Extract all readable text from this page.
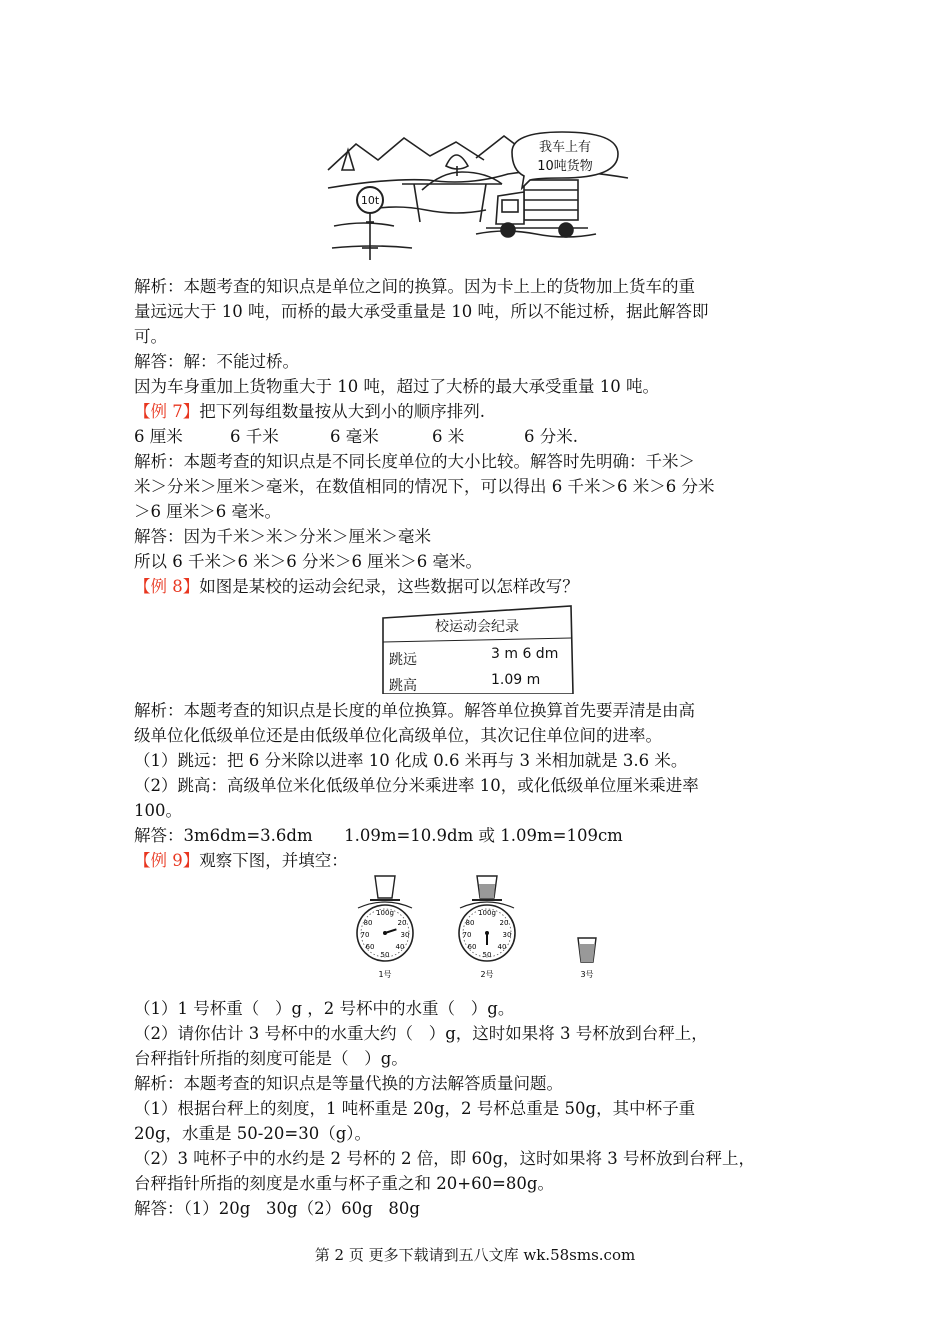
10t
我车上有
10吨货物
解析：本题考查的知识点是单位之间的换算。因为卡上上的货物加上货车的重
量远远大于 10 吨，而桥的最大承受重量是 10 吨，所以不能过桥，据此解答即
可。
解答：解：不能过桥。
因为车身重加上货物重大于 10 吨，超过了大桥的最大承受重量 10 吨。
【例 7】把下列每组数量按从大到小的顺序排列.
6 厘米	6 千米	6 毫米	6 米	6 分米.
解析：本题考查的知识点是不同长度单位的大小比较。解答时先明确：千米＞
米＞分米＞厘米＞毫米，在数值相同的情况下，可以得出 6 千米＞6 米＞6 分米
＞6 厘米＞6 毫米。
解答：因为千米＞米＞分米＞厘米＞毫米
所以 6 千米＞6 米＞6 分米＞6 厘米＞6 毫米。
【例 8】如图是某校的运动会纪录，这些数据可以怎样改写？
校运动会纪录
跳远	3 m 6 dm
跳高	1.09 m
解析：本题考查的知识点是长度的单位换算。解答单位换算首先要弄清是由高
级单位化低级单位还是由低级单位化高级单位，其次记住单位间的进率。
（1）跳远：把 6 分米除以进率 10 化成 0.6 米再与 3 米相加就是 3.6 米。
（2）跳高：高级单位米化低级单位分米乘进率 10，或化低级单位厘米乘进率
100。
解答：3m6dm=3.6dm      1.09m=10.9dm 或 1.09m=109cm
【例 9】观察下图，并填空：
100g
80	20
70	30
60	40
50
1号
100g
80	20
70	30
60	40
50
2号	3号
（1）1 号杯重（   ）g ，2 号杯中的水重（   ）g。
（2）请你估计 3 号杯中的水重大约（   ）g，这时如果将 3 号杯放到台秤上，
台秤指针所指的刻度可能是（   ）g。
解析：本题考查的知识点是等量代换的方法解答质量问题。
（1）根据台秤上的刻度，1 吨杯重是 20g，2 号杯总重是 50g，其中杯子重
20g，水重是 50-20=30（g）。
（2）3 吨杯子中的水约是 2 号杯的 2 倍，即 60g，这时如果将 3 号杯放到台秤上，
台秤指针所指的刻度是水重与杯子重之和 20+60=80g。
解答：（1）20g   30g（2）60g   80g
第 2 页 更多下载请到五八文库 wk.58sms.com
